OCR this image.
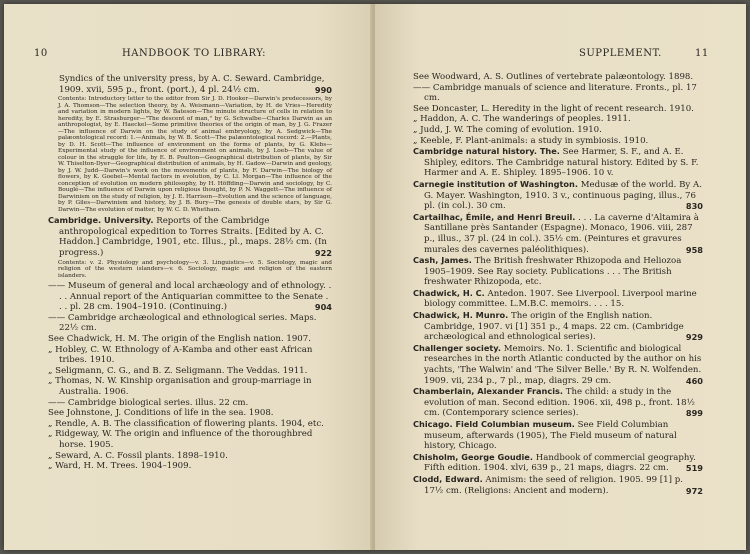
10	HANDBOOK TO LIBRARY:

Syndics of the university press, by A. C. Seward. Cambridge, 1909. xvii, 595 p., front. (port.), 4 pl. 24½ cm.	990

Contents: Introductory letter to the editor from Sir J. D. Hooker—Darwin's predecessors, by J. A. Thomson—The selection theory, by A. Weismann—Variation, by H. de Vries—Heredity and variation in modern lights, by W. Bateson—The minute structure of cells in relation to heredity, by E. Strasburger—"The descent of man," by G. Schwalbe—Charles Darwin as an anthropologist, by E. Haeckel—Some primitive theories of the origin of man, by J. G. Frazer—The influence of Darwin on the study of animal embryology, by A. Sedgwick—The palæontological record: 1.—Animals, by W. B. Scott—The palæontological record: 2.—Plants, by D. H. Scott—The influence of environment on the forms of plants, by G. Klebs—Experimental study of the influence of environment on animals, by J. Loeb—The value of colour in the struggle for life, by E. B. Poulton—Geographical distribution of plants, by Sir W. Thiselton-Dyer—Geographical distribution of animals, by H. Gadow—Darwin and geology, by J. W. Judd—Darwin's work on the movements of plants, by F. Darwin—The biology of flowers, by K. Goebel—Mental factors in evolution, by C. Ll. Morgan—The influence of the conception of evolution on modern philosophy, by H. Höffding—Darwin and sociology, by C. Bouglé—The influence of Darwin upon religious thought, by P. N. Waggett—The influence of Darwinism on the study of religion, by J. E. Harrison—Evolution and the science of language, by P. Giles—Darwinism and history, by J. B. Bury—The genesis of double stars, by Sir G. Darwin—The evolution of matter, by W. C. D. Whetham.

Cambridge. University. Reports of the Cambridge anthropological expedition to Torres Straits. [Edited by A. C. Haddon.] Cambridge, 1901, etc. Illus., pl., maps. 28½ cm. (In progress.)	922

Contents: v. 2. Physiology and psychology—v. 3. Linguistics—v. 5. Sociology, magic and religion of the western islanders—v. 6. Sociology, magic and religion of the eastern islanders.

—— Museum of general and local archæology and of ethnology. . . . Annual report of the Antiquarian committee to the Senate . . . pl. 28 cm. 1904–1910. (Continuing.)	904

—— Cambridge archæological and ethnological series. Maps. 22½ cm.

See Chadwick, H. M. The origin of the English nation. 1907.

„ Hobley, C. W. Ethnology of A-Kamba and other east African tribes. 1910.

„ Seligmann, C. G., and B. Z. Seligmann. The Veddas. 1911.

„ Thomas, N. W. Kinship organisation and group-marriage in Australia. 1906.

—— Cambridge biological series. illus. 22 cm.

See Johnstone, J. Conditions of life in the sea. 1908.

„ Rendle, A. B. The classification of flowering plants. 1904, etc.

„ Ridgeway, W. The origin and influence of the thoroughbred horse. 1905.

„ Seward, A. C. Fossil plants. 1898–1910.

„ Ward, H. M. Trees. 1904–1909.

SUPPLEMENT.	11

See Woodward, A. S. Outlines of vertebrate palæontology. 1898.

—— Cambridge manuals of science and literature. Fronts., pl. 17 cm.

See Doncaster, L. Heredity in the light of recent research. 1910.

„ Haddon, A. C. The wanderings of peoples. 1911.

„ Judd, J. W. The coming of evolution. 1910.

„ Keeble, F. Plant-animals: a study in symbiosis. 1910.

Cambridge natural history. The. See Harmer, S. F., and A. E. Shipley, editors. The Cambridge natural history. Edited by S. F. Harmer and A. E. Shipley. 1895–1906. 10 v.

Carnegie institution of Washington. Medusæ of the world. By A. G. Mayer. Washington, 1910. 3 v., continuous paging, illus., 76 pl. (in col.). 30 cm.	830

Cartailhac, Émile, and Henri Breuil. . . . La caverne d'Altamira à Santillane près Santander (Espagne). Monaco, 1906. viii, 287 p., illus., 37 pl. (24 in col.). 35½ cm. (Peintures et gravures murales des cavernes paléolithiques).	958

Cash, James. The British freshwater Rhizopoda and Heliozoa 1905–1909. See Ray society. Publications . . . The British freshwater Rhizopoda, etc.

Chadwick, H. C. Antedon. 1907. See Liverpool. Liverpool marine biology committee. L.M.B.C. memoirs. . . . 15.

Chadwick, H. Munro. The origin of the English nation. Cambridge, 1907. vi [1] 351 p., 4 maps. 22 cm. (Cambridge archæological and ethnological series).	929

Challenger society. Memoirs. No. 1. Scientific and biological researches in the north Atlantic conducted by the author on his yachts, 'The Walwin' and 'The Silver Belle.' By R. N. Wolfenden. 1909. vii, 234 p., 7 pl., map, diagrs. 29 cm.	460

Chamberlain, Alexander Francis. The child: a study in the evolution of man. Second edition. 1906. xii, 498 p., front. 18½ cm. (Contemporary science series).	899

Chicago. Field Columbian museum. See Field Columbian museum, afterwards (1905), The Field museum of natural history, Chicago.

Chisholm, George Goudie. Handbook of commercial geography. Fifth edition. 1904. xlvi, 639 p., 21 maps, diagrs. 22 cm. 519

Clodd, Edward. Animism: the seed of religion. 1905. 99 [1] p. 17½ cm. (Religions: Ancient and modern).	972
